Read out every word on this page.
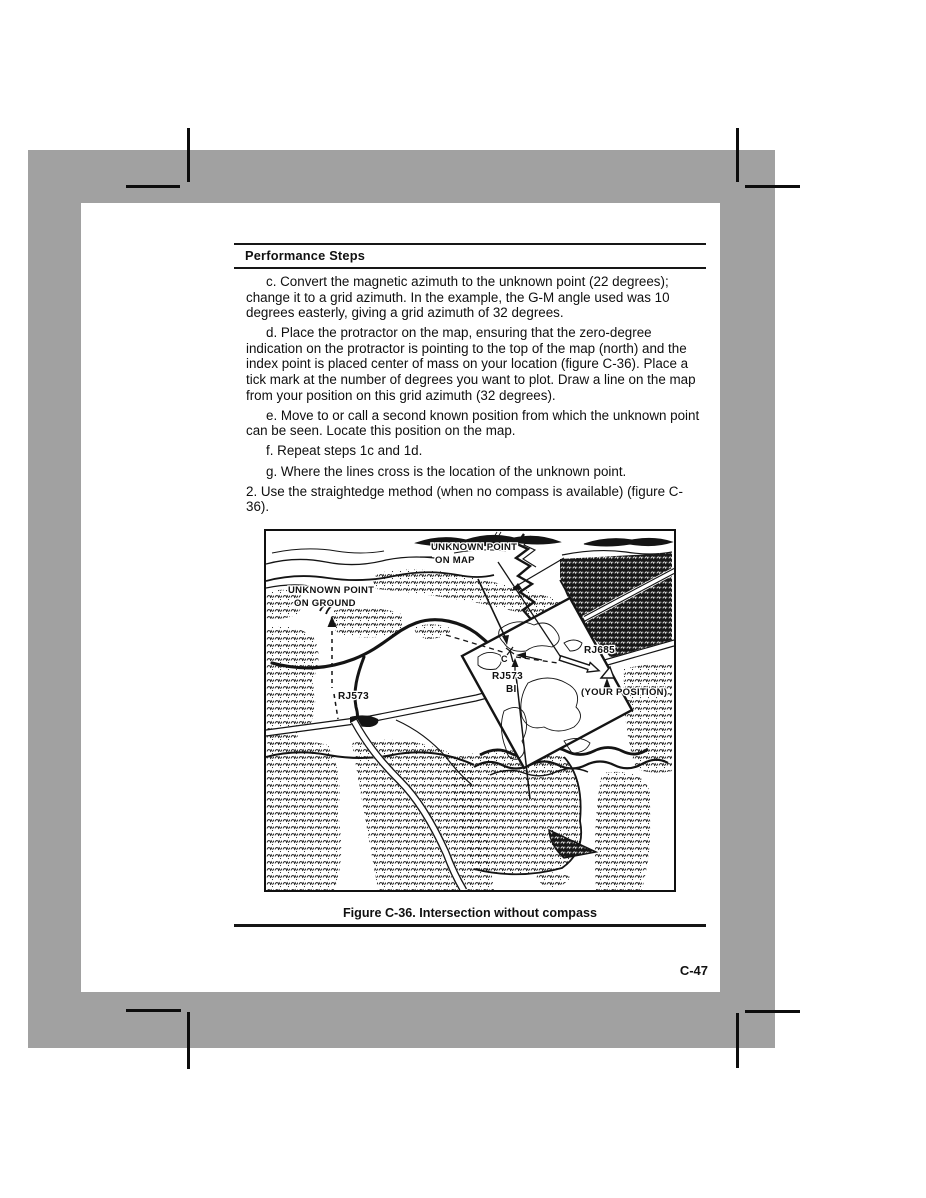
Performance Steps

c. Convert the magnetic azimuth to the unknown point (22 degrees); change it to a grid azimuth. In the example, the G-M angle used was 10 degrees easterly, giving a grid azimuth of 32 degrees.

d. Place the protractor on the map, ensuring that the zero-degree indication on the protractor is pointing to the top of the map (north) and the index point is placed center of mass on your location (figure C-36). Place a tick mark at the number of degrees you want to plot. Draw a line on the map from your position on this grid azimuth (32 degrees).

e. Move to or call a second known position from which the unknown point can be seen. Locate this position on the map.

f. Repeat steps 1c and 1d.

g. Where the lines cross is the location of the unknown point.

2. Use the straightedge method (when no compass is available) (figure C-36).

UNKNOWN POINT
ON MAP
UNKNOWN POINT
ON GROUND
RJ573
RJ573
BI
C
RJ685
(YOUR POSITION)
Figure C-36. Intersection without compass
C-47
